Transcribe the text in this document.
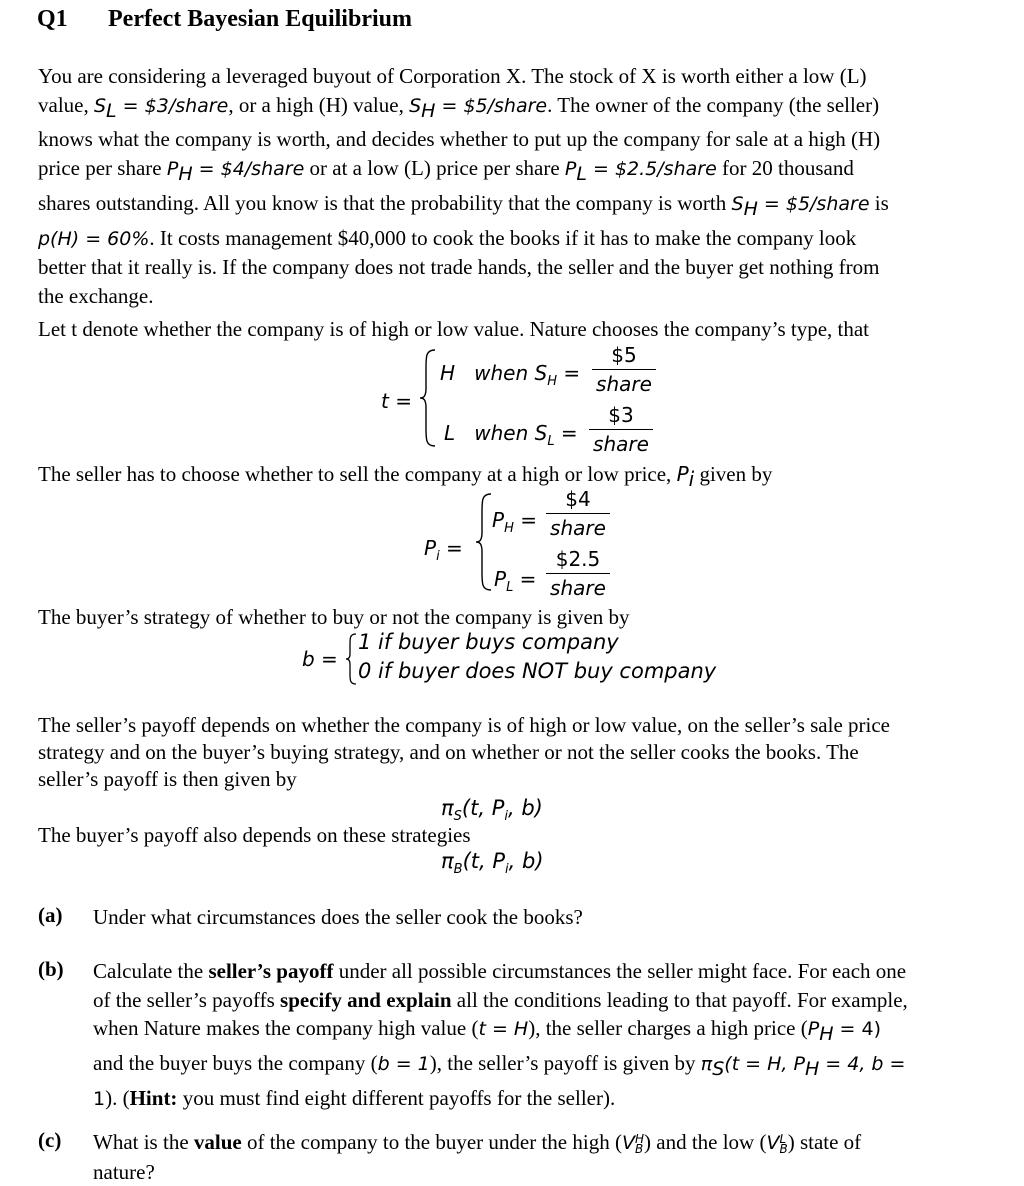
Q1 Perfect Bayesian Equilibrium
You are considering a leveraged buyout of Corporation X. The stock of X is worth either a low (L)
value, $S_L$ = $3/share, or a high (H) value, $S_H$ = $5/share. The owner of the company (the seller)
knows what the company is worth, and decides whether to put up the company for sale at a high (H)
price per share $P_H$ = $4/share or at a low (L) price per share $P_L$ = $2.5/share for 20 thousand
shares outstanding. All you know is that the probability that the company is worth $S_H$ = $5/share is
p(H) = 60%. It costs management $40,000 to cook the books if it has to make the company look
better that it really is. If the company does not trade hands, the seller and the buyer get nothing from
the exchange.
Let t denote whether the company is of high or low value. Nature chooses the company’s type, that
t =
H when $S_H$ =
$5
share
L when $S_L$ =
$3
share
The seller has to choose whether to sell the company at a high or low price, $P_i$ given by
$P_i$ =
$P_H$ =
$4
share
$P_L$ =
$2.5
share
The buyer’s strategy of whether to buy or not the company is given by
b =
1 if buyer buys company
0 if buyer does NOT buy company
The seller’s payoff depends on whether the company is of high or low value, on the seller’s sale price
strategy and on the buyer’s buying strategy, and on whether or not the seller cooks the books. The
seller’s payoff is then given by
$\pi_S(t$, $P_i$, b)
The buyer’s payoff also depends on these strategies
$\pi_B(t$, $P_i$, b)
(a) Under what circumstances does the seller cook the books?
(b) Calculate the seller’s payoff under all possible circumstances the seller might face. For each one
of the seller’s payoffs specify and explain all the conditions leading to that payoff. For example,
when Nature makes the company high value (t = H), the seller charges a high price $(P_H = 4)$
and the buyer buys the company (b = 1), the seller’s payoff is given by $\pi_S(t = H$, $P_H = 4$, b =
1). (Hint: you must find eight different payoffs for the seller).
(c) What is the value of the company to the buyer under the high (V H
B ) and the low (V L
B ) state of
nature?
